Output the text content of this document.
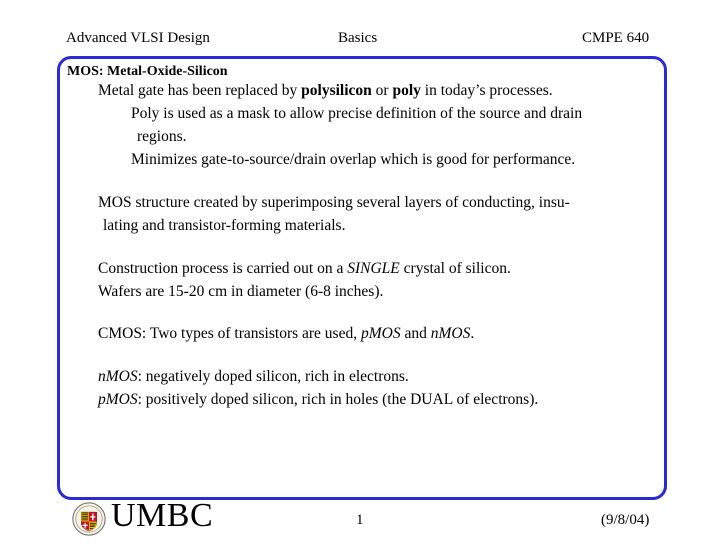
Advanced VLSI Design	Basics	CMPE 640
MOS: Metal-Oxide-Silicon
Metal gate has been replaced by polysilicon or poly in today’s processes.
Poly is used as a mask to allow precise definition of the source and drain
regions.
Minimizes gate-to-source/drain overlap which is good for performance.
MOS structure created by superimposing several layers of conducting, insu-
lating and transistor-forming materials.
Construction process is carried out on a SINGLE crystal of silicon.
Wafers are 15-20 cm in diameter (6-8 inches).
CMOS: Two types of transistors are used, pMOS and nMOS.
nMOS: negatively doped silicon, rich in electrons.
pMOS: positively doped silicon, rich in holes (the DUAL of electrons).
UMBC	1	(9/8/04)
